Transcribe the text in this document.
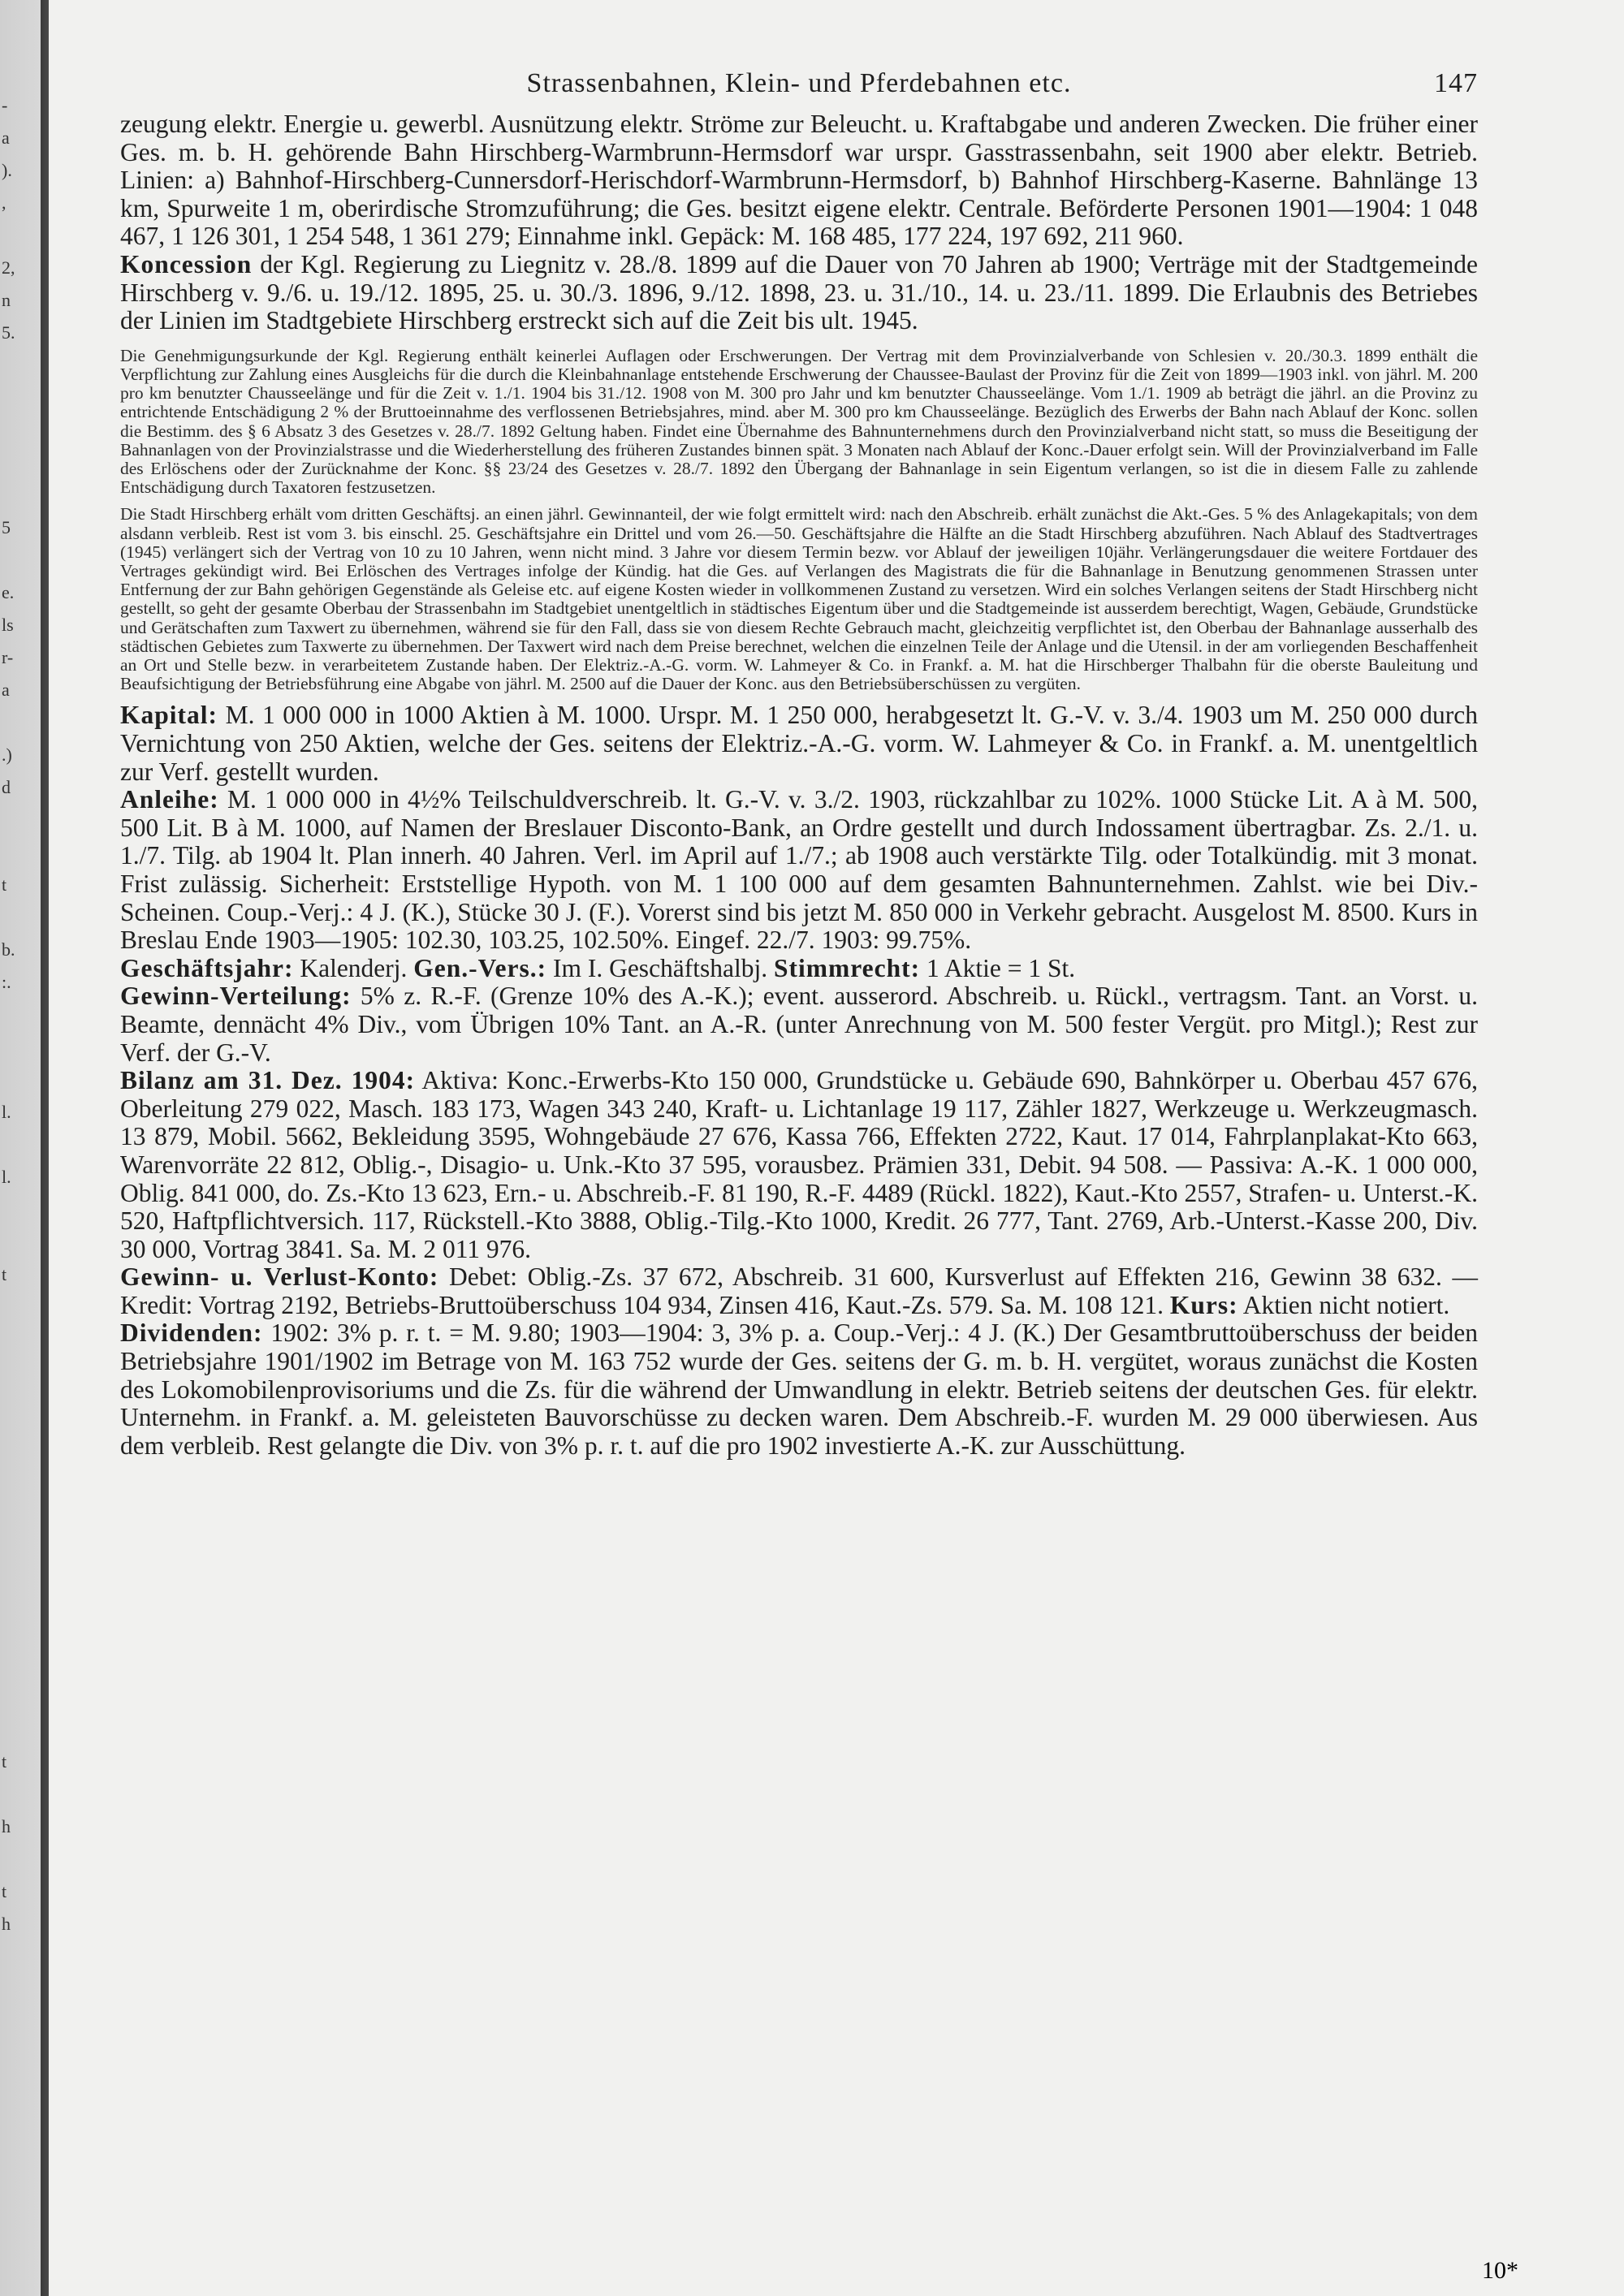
-
a
).
,

2,
n
5.

5

e.
ls
r-
a

.)
d

t

b.
:.

l.

l.

t

t

h

t
h
Strassenbahnen, Klein- und Pferdebahnen etc.	147

zeugung elektr. Energie u. gewerbl. Ausnützung elektr. Ströme zur Beleucht. u. Kraftabgabe und anderen Zwecken. Die früher einer Ges. m. b. H. gehörende Bahn Hirschberg-Warmbrunn-Hermsdorf war urspr. Gasstrassenbahn, seit 1900 aber elektr. Betrieb. Linien: a) Bahnhof-Hirschberg-Cunnersdorf-Herischdorf-Warmbrunn-Hermsdorf, b) Bahnhof Hirschberg-Kaserne. Bahnlänge 13 km, Spurweite 1 m, oberirdische Stromzuführung; die Ges. besitzt eigene elektr. Centrale. Beförderte Personen 1901—1904: 1 048 467, 1 126 301, 1 254 548, 1 361 279; Einnahme inkl. Gepäck: M. 168 485, 177 224, 197 692, 211 960.

Koncession der Kgl. Regierung zu Liegnitz v. 28./8. 1899 auf die Dauer von 70 Jahren ab 1900; Verträge mit der Stadtgemeinde Hirschberg v. 9./6. u. 19./12. 1895, 25. u. 30./3. 1896, 9./12. 1898, 23. u. 31./10., 14. u. 23./11. 1899. Die Erlaubnis des Betriebes der Linien im Stadtgebiete Hirschberg erstreckt sich auf die Zeit bis ult. 1945.

Die Genehmigungsurkunde der Kgl. Regierung enthält keinerlei Auflagen oder Erschwerungen. Der Vertrag mit dem Provinzialverbande von Schlesien v. 20./30.3. 1899 enthält die Verpflichtung zur Zahlung eines Ausgleichs für die durch die Kleinbahnanlage entstehende Erschwerung der Chaussee-Baulast der Provinz für die Zeit von 1899—1903 inkl. von jährl. M. 200 pro km benutzter Chausseelänge und für die Zeit v. 1./1. 1904 bis 31./12. 1908 von M. 300 pro Jahr und km benutzter Chausseelänge. Vom 1./1. 1909 ab beträgt die jährl. an die Provinz zu entrichtende Entschädigung 2 % der Bruttoeinnahme des verflossenen Betriebsjahres, mind. aber M. 300 pro km Chausseelänge. Bezüglich des Erwerbs der Bahn nach Ablauf der Konc. sollen die Bestimm. des § 6 Absatz 3 des Gesetzes v. 28./7. 1892 Geltung haben. Findet eine Übernahme des Bahnunternehmens durch den Provinzialverband nicht statt, so muss die Beseitigung der Bahnanlagen von der Provinzialstrasse und die Wiederherstellung des früheren Zustandes binnen spät. 3 Monaten nach Ablauf der Konc.-Dauer erfolgt sein. Will der Provinzialverband im Falle des Erlöschens oder der Zurücknahme der Konc. §§ 23/24 des Gesetzes v. 28./7. 1892 den Übergang der Bahnanlage in sein Eigentum verlangen, so ist die in diesem Falle zu zahlende Entschädigung durch Taxatoren festzusetzen.

Die Stadt Hirschberg erhält vom dritten Geschäftsj. an einen jährl. Gewinnanteil, der wie folgt ermittelt wird: nach den Abschreib. erhält zunächst die Akt.-Ges. 5 % des Anlagekapitals; von dem alsdann verbleib. Rest ist vom 3. bis einschl. 25. Geschäftsjahre ein Drittel und vom 26.—50. Geschäftsjahre die Hälfte an die Stadt Hirschberg abzuführen. Nach Ablauf des Stadtvertrages (1945) verlängert sich der Vertrag von 10 zu 10 Jahren, wenn nicht mind. 3 Jahre vor diesem Termin bezw. vor Ablauf der jeweiligen 10jähr. Verlängerungsdauer die weitere Fortdauer des Vertrages gekündigt wird. Bei Erlöschen des Vertrages infolge der Kündig. hat die Ges. auf Verlangen des Magistrats die für die Bahnanlage in Benutzung genommenen Strassen unter Entfernung der zur Bahn gehörigen Gegenstände als Geleise etc. auf eigene Kosten wieder in vollkommenen Zustand zu versetzen. Wird ein solches Verlangen seitens der Stadt Hirschberg nicht gestellt, so geht der gesamte Oberbau der Strassenbahn im Stadtgebiet unentgeltlich in städtisches Eigentum über und die Stadtgemeinde ist ausserdem berechtigt, Wagen, Gebäude, Grundstücke und Gerätschaften zum Taxwert zu übernehmen, während sie für den Fall, dass sie von diesem Rechte Gebrauch macht, gleichzeitig verpflichtet ist, den Oberbau der Bahnanlage ausserhalb des städtischen Gebietes zum Taxwerte zu übernehmen. Der Taxwert wird nach dem Preise berechnet, welchen die einzelnen Teile der Anlage und die Utensil. in der am vorliegenden Beschaffenheit an Ort und Stelle bezw. in verarbeitetem Zustande haben. Der Elektriz.-A.-G. vorm. W. Lahmeyer & Co. in Frankf. a. M. hat die Hirschberger Thalbahn für die oberste Bauleitung und Beaufsichtigung der Betriebsführung eine Abgabe von jährl. M. 2500 auf die Dauer der Konc. aus den Betriebsüberschüssen zu vergüten.

Kapital: M. 1 000 000 in 1000 Aktien à M. 1000. Urspr. M. 1 250 000, herabgesetzt lt. G.-V. v. 3./4. 1903 um M. 250 000 durch Vernichtung von 250 Aktien, welche der Ges. seitens der Elektriz.-A.-G. vorm. W. Lahmeyer & Co. in Frankf. a. M. unentgeltlich zur Verf. gestellt wurden.

Anleihe: M. 1 000 000 in 4½% Teilschuldverschreib. lt. G.-V. v. 3./2. 1903, rückzahlbar zu 102%. 1000 Stücke Lit. A à M. 500, 500 Lit. B à M. 1000, auf Namen der Breslauer Disconto-Bank, an Ordre gestellt und durch Indossament übertragbar. Zs. 2./1. u. 1./7. Tilg. ab 1904 lt. Plan innerh. 40 Jahren. Verl. im April auf 1./7.; ab 1908 auch verstärkte Tilg. oder Totalkündig. mit 3 monat. Frist zulässig. Sicherheit: Erststellige Hypoth. von M. 1 100 000 auf dem gesamten Bahnunternehmen. Zahlst. wie bei Div.-Scheinen. Coup.-Verj.: 4 J. (K.), Stücke 30 J. (F.). Vorerst sind bis jetzt M. 850 000 in Verkehr gebracht. Ausgelost M. 8500. Kurs in Breslau Ende 1903—1905: 102.30, 103.25, 102.50%. Eingef. 22./7. 1903: 99.75%.

Geschäftsjahr: Kalenderj. Gen.-Vers.: Im I. Geschäftshalbj. Stimmrecht: 1 Aktie = 1 St.

Gewinn-Verteilung: 5% z. R.-F. (Grenze 10% des A.-K.); event. ausserord. Abschreib. u. Rückl., vertragsm. Tant. an Vorst. u. Beamte, dennächt 4% Div., vom Übrigen 10% Tant. an A.-R. (unter Anrechnung von M. 500 fester Vergüt. pro Mitgl.); Rest zur Verf. der G.-V.

Bilanz am 31. Dez. 1904: Aktiva: Konc.-Erwerbs-Kto 150 000, Grundstücke u. Gebäude 690, Bahnkörper u. Oberbau 457 676, Oberleitung 279 022, Masch. 183 173, Wagen 343 240, Kraft- u. Lichtanlage 19 117, Zähler 1827, Werkzeuge u. Werkzeugmasch. 13 879, Mobil. 5662, Bekleidung 3595, Wohngebäude 27 676, Kassa 766, Effekten 2722, Kaut. 17 014, Fahrplanplakat-Kto 663, Warenvorräte 22 812, Oblig.-, Disagio- u. Unk.-Kto 37 595, vorausbez. Prämien 331, Debit. 94 508. — Passiva: A.-K. 1 000 000, Oblig. 841 000, do. Zs.-Kto 13 623, Ern.- u. Abschreib.-F. 81 190, R.-F. 4489 (Rückl. 1822), Kaut.-Kto 2557, Strafen- u. Unterst.-K. 520, Haftpflichtversich. 117, Rückstell.-Kto 3888, Oblig.-Tilg.-Kto 1000, Kredit. 26 777, Tant. 2769, Arb.-Unterst.-Kasse 200, Div. 30 000, Vortrag 3841. Sa. M. 2 011 976.

Gewinn- u. Verlust-Konto: Debet: Oblig.-Zs. 37 672, Abschreib. 31 600, Kursverlust auf Effekten 216, Gewinn 38 632. — Kredit: Vortrag 2192, Betriebs-Bruttoüberschuss 104 934, Zinsen 416, Kaut.-Zs. 579. Sa. M. 108 121. Kurs: Aktien nicht notiert.

Dividenden: 1902: 3% p. r. t. = M. 9.80; 1903—1904: 3, 3% p. a. Coup.-Verj.: 4 J. (K.) Der Gesamtbruttoüberschuss der beiden Betriebsjahre 1901/1902 im Betrage von M. 163 752 wurde der Ges. seitens der G. m. b. H. vergütet, woraus zunächst die Kosten des Lokomobilenprovisoriums und die Zs. für die während der Umwandlung in elektr. Betrieb seitens der deutschen Ges. für elektr. Unternehm. in Frankf. a. M. geleisteten Bauvorschüsse zu decken waren. Dem Abschreib.-F. wurden M. 29 000 überwiesen. Aus dem verbleib. Rest gelangte die Div. von 3% p. r. t. auf die pro 1902 investierte A.-K. zur Ausschüttung.

10*
